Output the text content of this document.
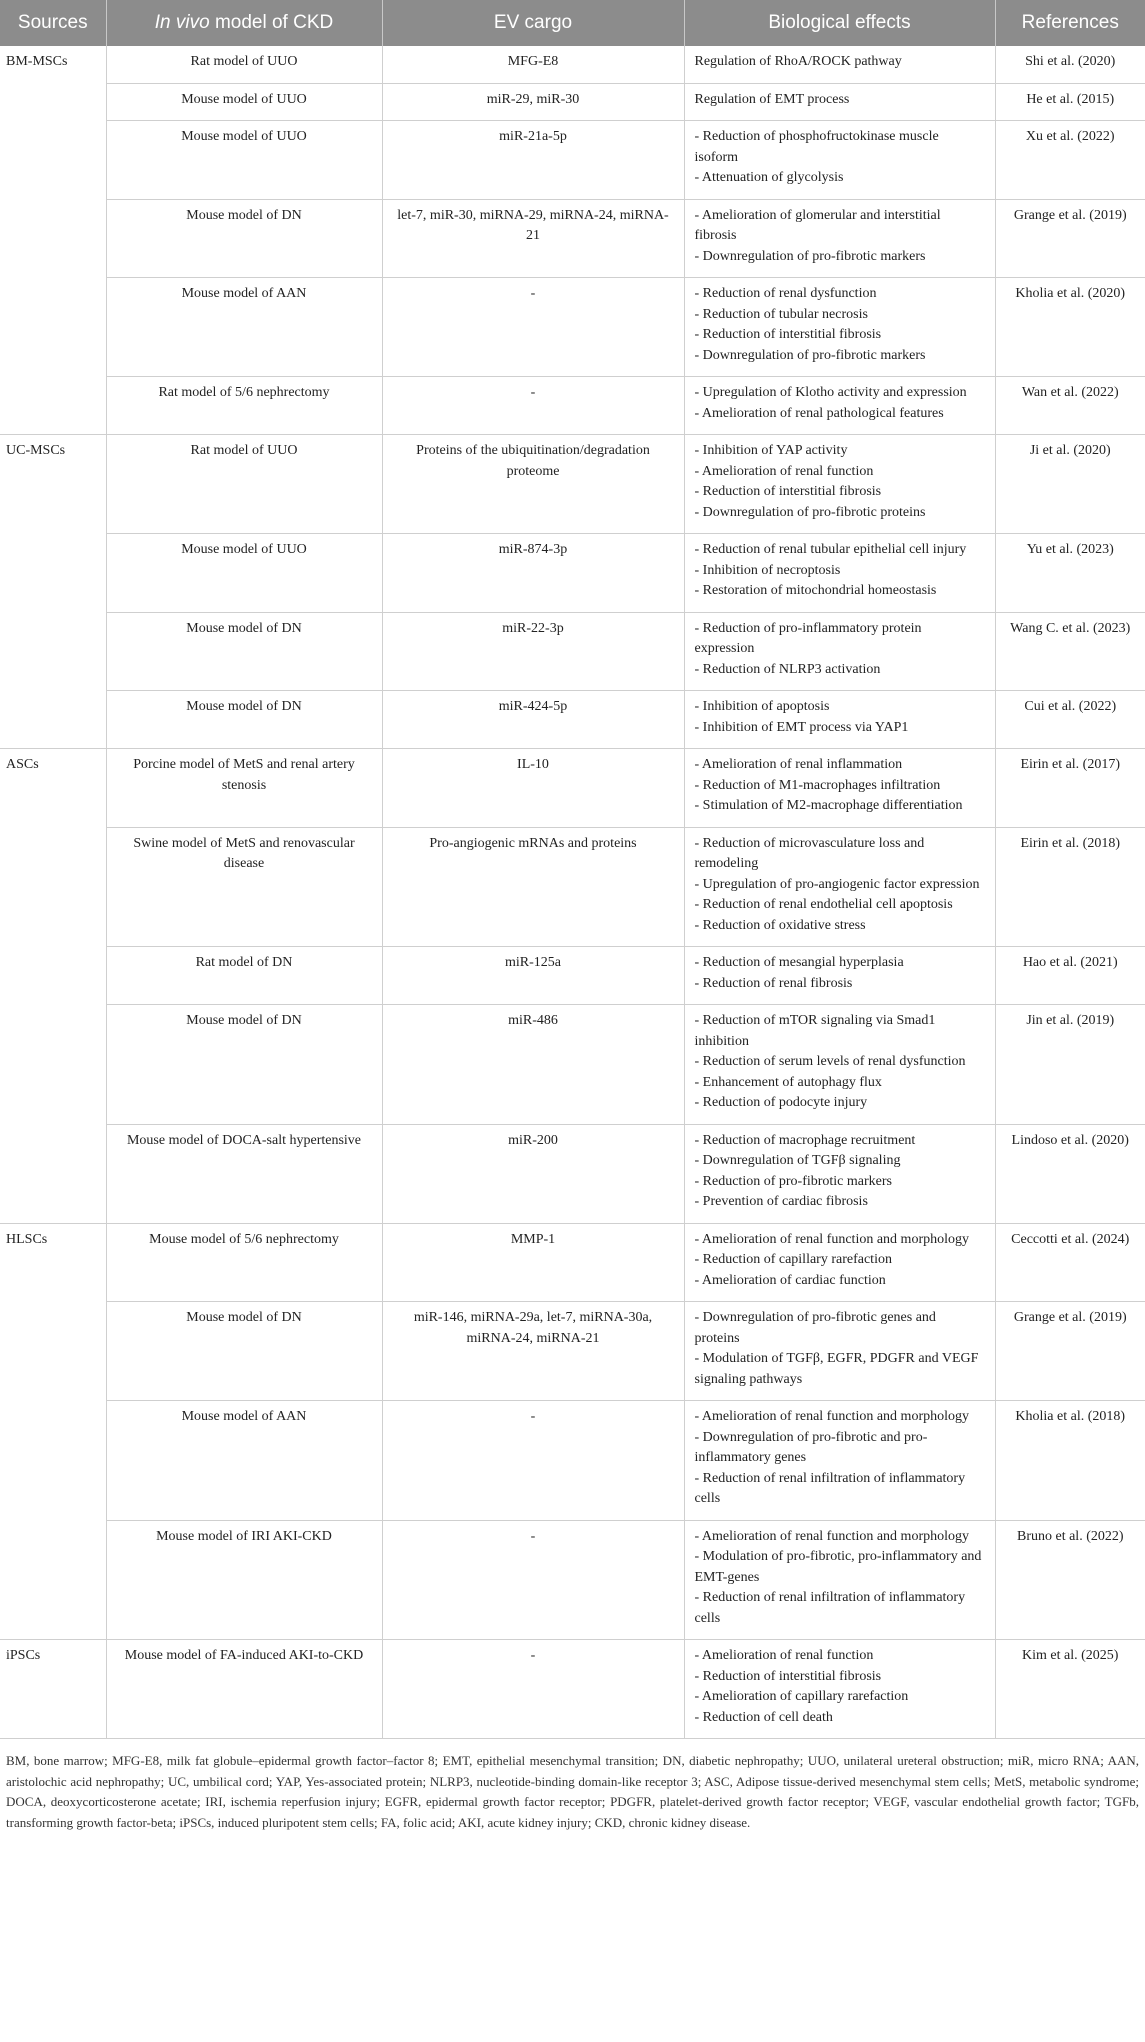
Sources	In vivo model of CKD	EV cargo	Biological effects	References
BM-MSCs	Rat model of UUO	MFG-E8	Regulation of RhoA/ROCK pathway	Shi et al. (2020)
	Mouse model of UUO	miR-29, miR-30	Regulation of EMT process	He et al. (2015)
	Mouse model of UUO	miR-21a-5p	- Reduction of phosphofructokinase muscle isoform
- Attenuation of glycolysis	Xu et al. (2022)
	Mouse model of DN	let-7, miR-30, miRNA-29, miRNA-24, miRNA-21	- Amelioration of glomerular and interstitial fibrosis
- Downregulation of pro-fibrotic markers	Grange et al. (2019)
	Mouse model of AAN	-	- Reduction of renal dysfunction
- Reduction of tubular necrosis
- Reduction of interstitial fibrosis
- Downregulation of pro-fibrotic markers	Kholia et al. (2020)
	Rat model of 5/6 nephrectomy	-	- Upregulation of Klotho activity and expression
- Amelioration of renal pathological features	Wan et al. (2022)
UC-MSCs	Rat model of UUO	Proteins of the ubiquitination/degradation proteome	- Inhibition of YAP activity
- Amelioration of renal function
- Reduction of interstitial fibrosis
- Downregulation of pro-fibrotic proteins	Ji et al. (2020)
	Mouse model of UUO	miR-874-3p	- Reduction of renal tubular epithelial cell injury
- Inhibition of necroptosis
- Restoration of mitochondrial homeostasis	Yu et al. (2023)
	Mouse model of DN	miR-22-3p	- Reduction of pro-inflammatory protein expression
- Reduction of NLRP3 activation	Wang C. et al. (2023)
	Mouse model of DN	miR-424-5p	- Inhibition of apoptosis
- Inhibition of EMT process via YAP1	Cui et al. (2022)
ASCs	Porcine model of MetS and renal artery stenosis	IL-10	- Amelioration of renal inflammation
- Reduction of M1-macrophages infiltration
- Stimulation of M2-macrophage differentiation	Eirin et al. (2017)
	Swine model of MetS and renovascular disease	Pro-angiogenic mRNAs and proteins	- Reduction of microvasculature loss and remodeling
- Upregulation of pro-angiogenic factor expression
- Reduction of renal endothelial cell apoptosis
- Reduction of oxidative stress	Eirin et al. (2018)
	Rat model of DN	miR-125a	- Reduction of mesangial hyperplasia
- Reduction of renal fibrosis	Hao et al. (2021)
	Mouse model of DN	miR-486	- Reduction of mTOR signaling via Smad1 inhibition
- Reduction of serum levels of renal dysfunction
- Enhancement of autophagy flux
- Reduction of podocyte injury	Jin et al. (2019)
	Mouse model of DOCA-salt hypertensive	miR-200	- Reduction of macrophage recruitment
- Downregulation of TGFβ signaling
- Reduction of pro-fibrotic markers
- Prevention of cardiac fibrosis	Lindoso et al. (2020)
HLSCs	Mouse model of 5/6 nephrectomy	MMP-1	- Amelioration of renal function and morphology
- Reduction of capillary rarefaction
- Amelioration of cardiac function	Ceccotti et al. (2024)
	Mouse model of DN	miR-146, miRNA-29a, let-7, miRNA-30a, miRNA-24, miRNA-21	- Downregulation of pro-fibrotic genes and proteins
- Modulation of TGFβ, EGFR, PDGFR and VEGF signaling pathways	Grange et al. (2019)
	Mouse model of AAN	-	- Amelioration of renal function and morphology
- Downregulation of pro-fibrotic and pro-inflammatory genes
- Reduction of renal infiltration of inflammatory cells	Kholia et al. (2018)
	Mouse model of IRI AKI-CKD	-	- Amelioration of renal function and morphology
- Modulation of pro-fibrotic, pro-inflammatory and EMT-genes
- Reduction of renal infiltration of inflammatory cells	Bruno et al. (2022)
iPSCs	Mouse model of FA-induced AKI-to-CKD	-	- Amelioration of renal function
- Reduction of interstitial fibrosis
- Amelioration of capillary rarefaction
- Reduction of cell death	Kim et al. (2025)
BM, bone marrow; MFG-E8, milk fat globule–epidermal growth factor–factor 8; EMT, epithelial mesenchymal transition; DN, diabetic nephropathy; UUO, unilateral ureteral obstruction; miR, micro RNA; AAN, aristolochic acid nephropathy; UC, umbilical cord; YAP, Yes-associated protein; NLRP3, nucleotide-binding domain-like receptor 3; ASC, Adipose tissue-derived mesenchymal stem cells; MetS, metabolic syndrome; DOCA, deoxycorticosterone acetate; IRI, ischemia reperfusion injury; EGFR, epidermal growth factor receptor; PDGFR, platelet-derived growth factor receptor; VEGF, vascular endothelial growth factor; TGFb, transforming growth factor-beta; iPSCs, induced pluripotent stem cells; FA, folic acid; AKI, acute kidney injury; CKD, chronic kidney disease.
